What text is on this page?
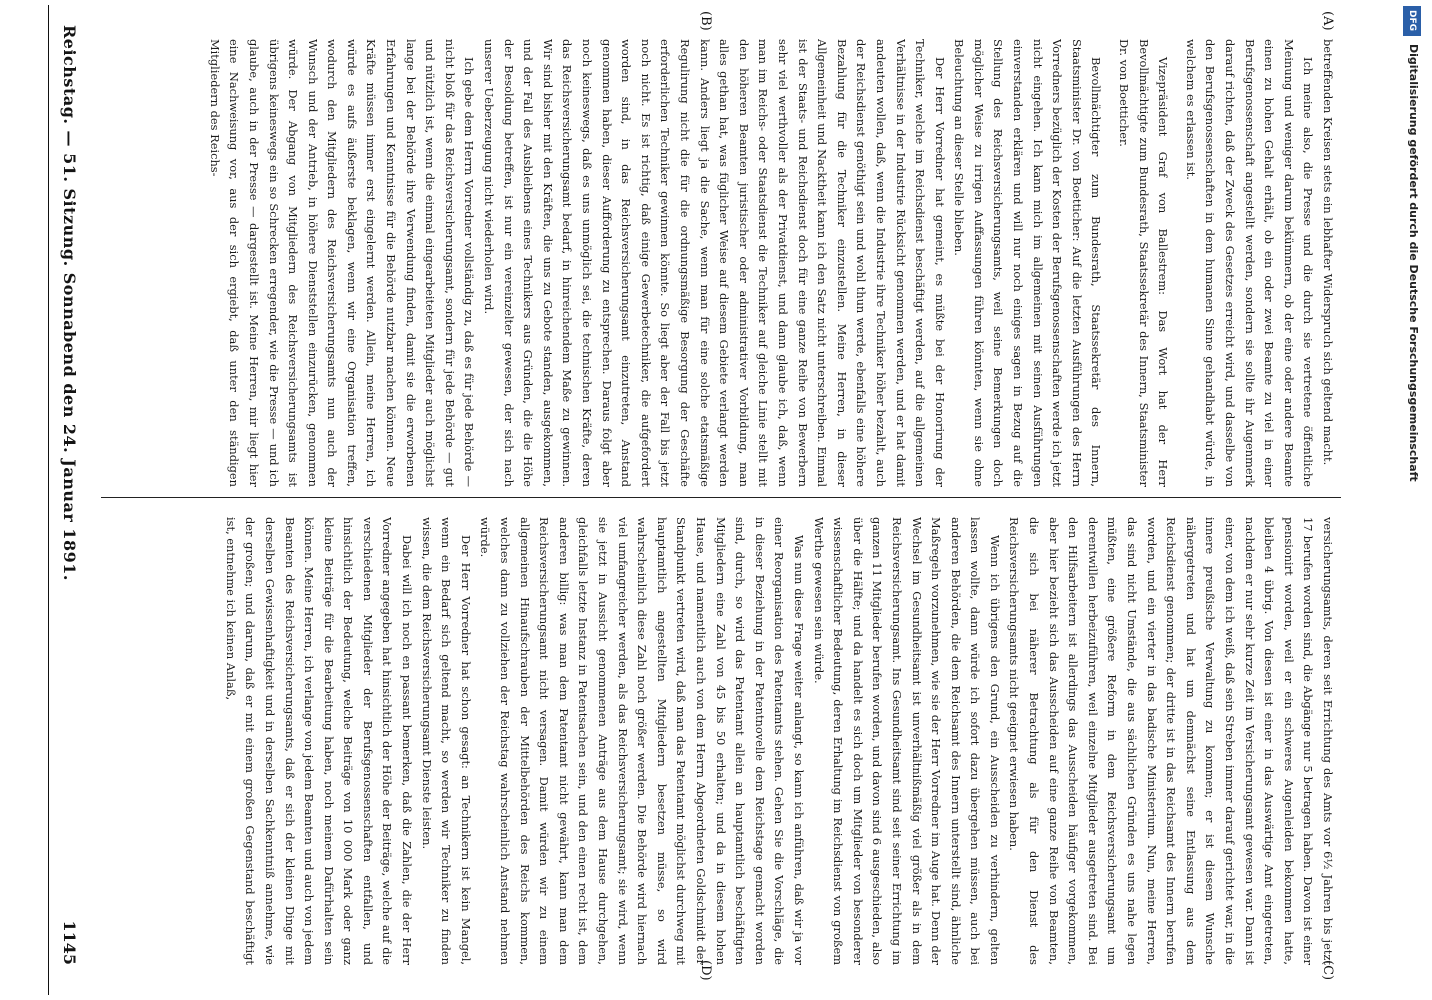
Reichstag. — 51. Sitzung. Sonnabend den 24. Januar 1891.
1145
(A)
(B)
(C)
(D)

betreffenden Kreisen stets ein lebhafter Widerspruch sich geltend macht.

Ich meine also, die Presse und die durch sie vertretene öffentliche Meinung und weniger darum bekümmern, ob der eine oder andere Beamte einen zu hohen Gehalt erhält, ob ein oder zwei Beamte zu viel in einer Berufsgenossenschaft angestellt werden, sondern sie sollte ihr Augenmerk darauf richten, daß der Zweck des Gesetzes erreicht wird, und dasselbe von den Berufsgenossenschaften in dem humanen Sinne gehandhabt würde, in welchem es erlassen ist.

Vizepräsident Graf von Ballestrem: Das Wort hat der Herr Bevollmächtigte zum Bundesrath, Staatssekretär des Innern, Staatsminister Dr. von Boetticher.

Bevollmächtigter zum Bundesrath, Staatssekretär des Innern, Staatsminister Dr. von Boetticher: Auf die letzten Ausführungen des Herrn Vorredners bezüglich der Kosten der Berufsgenossenschaften werde ich jetzt nicht eingehen. Ich kann mich im allgemeinen mit seinen Ausführungen einverstanden erklären und will nur noch einiges sagen in Bezug auf die Stellung des Reichsversicherungsamts, weil seine Bemerkungen doch möglicher Weise zu irrigen Auffassungen führen könnten, wenn sie ohne Beleuchtung an dieser Stelle blieben.

Der Herr Vorredner hat gemeint, es müßte bei der Honorirung der Techniker, welche im Reichsdienst beschäftigt werden, auf die allgemeinen Verhältnisse in der Industrie Rücksicht genommen werden, und er hat damit andeuten wollen, daß, wenn die Industrie ihre Techniker höher bezahlt, auch der Reichsdienst genöthigt sein und wohl thun werde, ebenfalls eine höhere Bezahlung für die Techniker einzustellen. Meine Herren, in dieser Allgemeinheit und Nacktheit kann ich den Satz nicht unterschreiben. Einmal ist der Staats- und Reichsdienst doch für eine ganze Reihe von Bewerbern sehr viel werthvoller als der Privatdienst, und dann glaube ich, daß, wenn man im Reichs- oder Staatsdienst die Techniker auf gleiche Linie stellt mit den höheren Beamten juristischer oder administrativer Vorbildung, man alles gethan hat, was füglicher Weise auf diesem Gebiete verlangt werden kann. Anders liegt ja die Sache, wenn man für eine solche etatsmäßige Regulirung nicht die für die ordnungsmäßige Besorgung der Geschäfte erforderlichen Techniker gewinnen könnte. So liegt aber der Fall bis jetzt noch nicht. Es ist richtig, daß einige Gewerbetechniker, die aufgefordert worden sind, in das Reichsversicherungsamt einzutreten, Anstand genommen haben, dieser Aufforderung zu entsprechen. Daraus folgt aber noch keineswegs, daß es uns unmöglich sei, die technischen Kräfte, deren das Reichsversicherungsamt bedarf, in hinreichendem Maße zu gewinnen. Wir sind bisher mit den Kräften, die uns zu Gebote standen, ausgekommen, und der Fall des Ausbleibens eines Technikers aus Gründen, die die Höhe der Besoldung betreffen, ist nur ein vereinzelter gewesen, der sich nach unserer Ueberzeugung nicht wiederholen wird.

Ich gebe dem Herrn Vorredner vollständig zu, daß es für jede Behörde — nicht bloß für das Reichsversicherungsamt, sondern für jede Behörde — gut und nützlich ist, wenn die einmal eingearbeiteten Mitglieder auch möglichst lange bei der Behörde ihre Verwendung finden, damit sie die erworbenen Erfahrungen und Kenntnisse für die Behörde nutzbar machen können. Neue Kräfte müssen immer erst eingelernt werden. Allein, meine Herren, ich würde es aufs äußerste beklagen, wenn wir eine Organisation treffen, wodurch den Mitgliedern des Reichsversicherungsamts nun auch der Wunsch und der Antrieb, in höhere Dienststellen einzurücken, genommen würde. Der Abgang von Mitgliedern des Reichsversicherungsamts ist übrigens keineswegs ein so Schrecken erregender, wie die Presse — und ich glaube, auch in der Presse — dargestellt ist. Meine Herren, mir liegt hier eine Nachweisung vor, aus der sich ergiebt, daß unter den ständigen Mitgliedern des Reichs-

versicherungsamts, deren seit Errichtung des Amts vor 6½ Jahren bis jetzt 17 berufen worden sind, die Abgänge nur 5 betragen haben. Davon ist einer pensionirt worden, weil er ein schweres Augenleiden bekommen hatte, bleiben 4 übrig. Von diesen ist einer in das Auswärtige Amt eingetreten, nachdem er nur sehr kurze Zeit im Versicherungsamt gewesen war. Dann ist einer, von dem ich weiß, daß sein Streben immer darauf gerichtet war, in die innere preußische Verwaltung zu kommen; er ist diesem Wunsche nähergetreten und hat um demnächst seine Entlassung aus dem Reichsdienst genommen; der dritte ist in das Reichsamt des Innern berufen worden, und ein vierter in das badische Ministerium. Nun, meine Herren, das sind nicht Umstände, die aus sächlichen Gründen es uns nahe legen müßten, eine größere Reform in dem Reichsversicherungsamt um derentwillen herbeizuführen, weil einzelne Mitglieder ausgetreten sind. Bei den Hilfsarbeitern ist allerdings das Ausscheiden häufiger vorgekommen, aber hier bezieht sich das Ausscheiden auf eine ganze Reihe von Beamten, die sich bei näherer Betrachtung als für den Dienst des Reichsversicherungsamts nicht geeignet erwiesen haben.

Wenn ich übrigens den Grund, ein Ausscheiden zu verhindern, gelten lassen wollte, dann würde ich sofort dazu übergehen müssen, auch bei anderen Behörden, die dem Reichsamt des Innern unterstellt sind, ähnliche Maßregeln vorzunehmen, wie sie der Herr Vorredner im Auge hat. Denn der Wechsel im Gesundheitsamt ist unverhältnißmäßig viel größer als in dem Reichsversicherungsamt. Ins Gesundheitsamt sind seit seiner Errichtung im ganzen 11 Mitglieder berufen worden, und davon sind 6 ausgeschieden, also über die Hälfte; und da handelt es sich doch um Mitglieder von besonderer wissenschaftlicher Bedeutung, deren Erhaltung im Reichsdienst von großem Werthe gewesen sein würde.

Was nun diese Frage weiter anlangt, so kann ich anführen, daß wir ja vor einer Reorganisation des Patentamts stehen. Gehen Sie die Vorschläge, die in dieser Beziehung in der Patentnovelle dem Reichstage gemacht worden sind, durch, so wird das Patentamt allein an hauptamtlich beschäftigten Mitgliedern eine Zahl von 45 bis 50 erhalten; und da in diesem hohen Hause, und namentlich auch von dem Herrn Abgeordneten Goldschmidt der Standpunkt vertreten wird, daß man das Patentamt möglichst durchweg mit hauptamtlich angestellten Mitgliedern besetzen müsse, so wird wahrscheinlich diese Zahl noch größer werden. Die Behörde wird hiernach viel umfangreicher werden, als das Reichsversicherungsamt; sie wird, wenn sie jetzt in Aussicht genommenen Anträge aus dem Hause durchgehen, gleichfalls letzte Instanz in Patentsachen sein, und den einen recht ist, dem anderen billig: was man dem Patentamt nicht gewährt, kann man dem Reichsversicherungsamt nicht versagen. Damit würden wir zu einem allgemeinen Hinaufschrauben der Mittelbehörden des Reichs kommen, welches dann zu vollziehen der Reichstag wahrscheinlich Anstand nehmen würde.

Der Herr Vorredner hat schon gesagt: an Technikern ist kein Mangel, wenn ein Bedarf sich geltend macht, so werden wir Techniker zu finden wissen, die dem Reichsversicherungsamt Dienste leisten.

Dabei will ich noch en passant bemerken, daß die Zahlen, die der Herr Vorredner angegeben hat hinsichtlich der Höhe der Beiträge, welche auf die verschiedenen Mitglieder der Berufsgenossenschaften entfallen, und hinsichtlich der Bedeutung, welche Beiträge von 10 000 Mark oder ganz kleine Beiträge für die Bearbeitung haben, noch meinem Dafürhalten sein können. Meine Herren, ich verlange von jedem Beamten und auch von jedem Beamten des Reichsversicherungsamts, daß er sich der kleinen Dinge mit derselben Gewissenhaftigkeit und in derselben Sachkenntniß annehme, wie der großen; und darum, daß er mit einem großen Gegenstand beschäftigt ist, entnehme ich keinen Anlaß,

DFG
Digitalisierung gefördert durch die Deutsche Forschungsgemeinschaft
